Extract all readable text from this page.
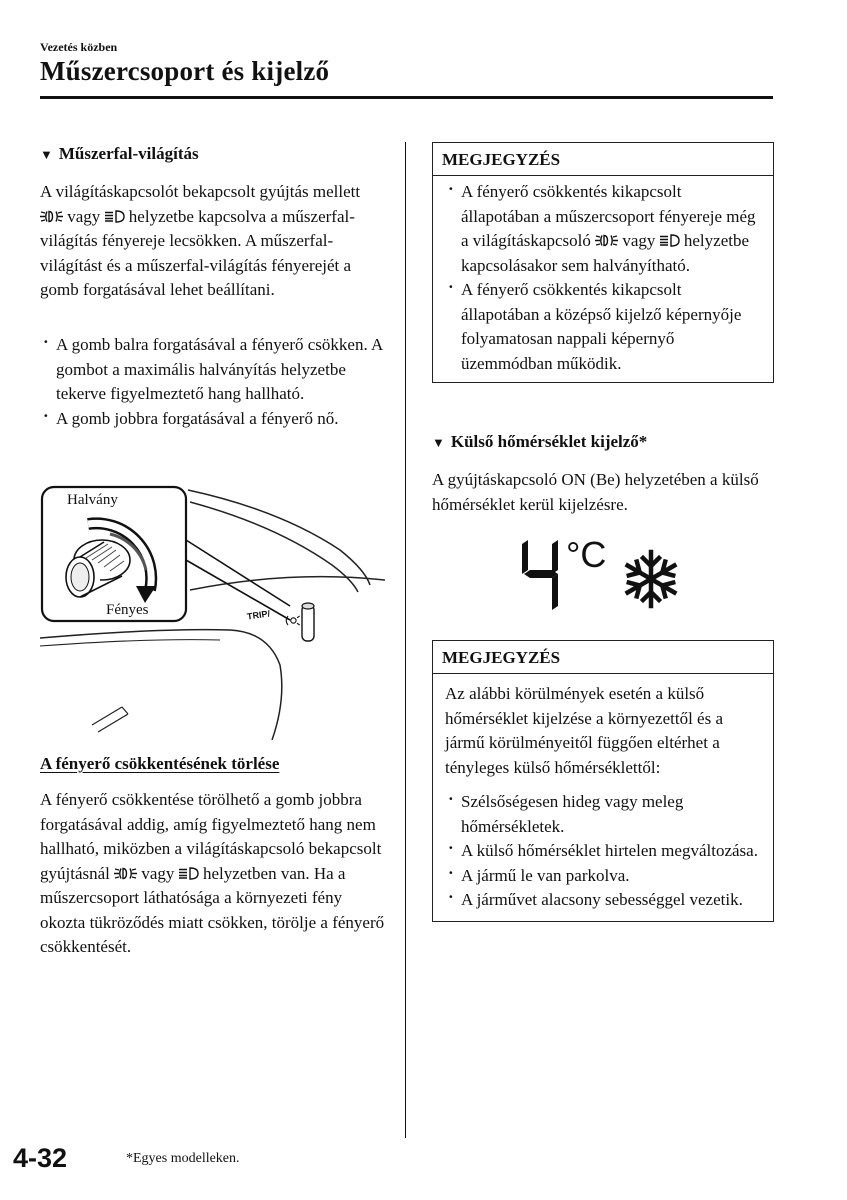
Vezetés közben
Műszercsoport és kijelző
▼ Műszerfal-világítás
A világításkapcsolót bekapcsolt gyújtás mellett  vagy helyzetbe kapcsolva a műszerfal-világítás fényereje lecsökken. A műszerfal-világítást és a műszerfal-világítás fényerejét a gomb forgatásával lehet beállítani.
· A gomb balra forgatásával a fényerő csökken. A gombot a maximális halványítás helyzetbe tekerve figyelmeztető hang hallható.
· A gomb jobbra forgatásával a fényerő nő.
Halvány
Fényes	TRIP/
A fényerő csökkentésének törlése
A fényerő csökkentése törölhető a gomb jobbra forgatásával addig, amíg figyelmeztető hang nem hallható, miközben a világításkapcsoló bekapcsolt gyújtásnál vagy helyzetben van. Ha a műszercsoport láthatósága a környezeti fény okozta tükröződés miatt csökken, törölje a fényerő csökkentését.
MEGJEGYZÉS
· A fényerő csökkentés kikapcsolt állapotában a műszercsoport fényereje még a világításkapcsoló vagy helyzetbe kapcsolásakor sem halványítható.
· A fényerő csökkentés kikapcsolt állapotában a középső kijelző képernyője folyamatosan nappali képernyő üzemmódban működik.
▼ Külső hőmérséklet kijelző*
A gyújtáskapcsoló ON (Be) helyzetében a külső hőmérséklet kerül kijelzésre.
°C
MEGJEGYZÉS
Az alábbi körülmények esetén a külső hőmérséklet kijelzése a környezettől és a jármű körülményeitől függően eltérhet a tényleges külső hőmérséklettől:
· Szélsőségesen hideg vagy meleg hőmérsékletek.
· A külső hőmérséklet hirtelen megváltozása.
· A jármű le van parkolva.
· A járművet alacsony sebességgel vezetik.
4-32	*Egyes modelleken.
